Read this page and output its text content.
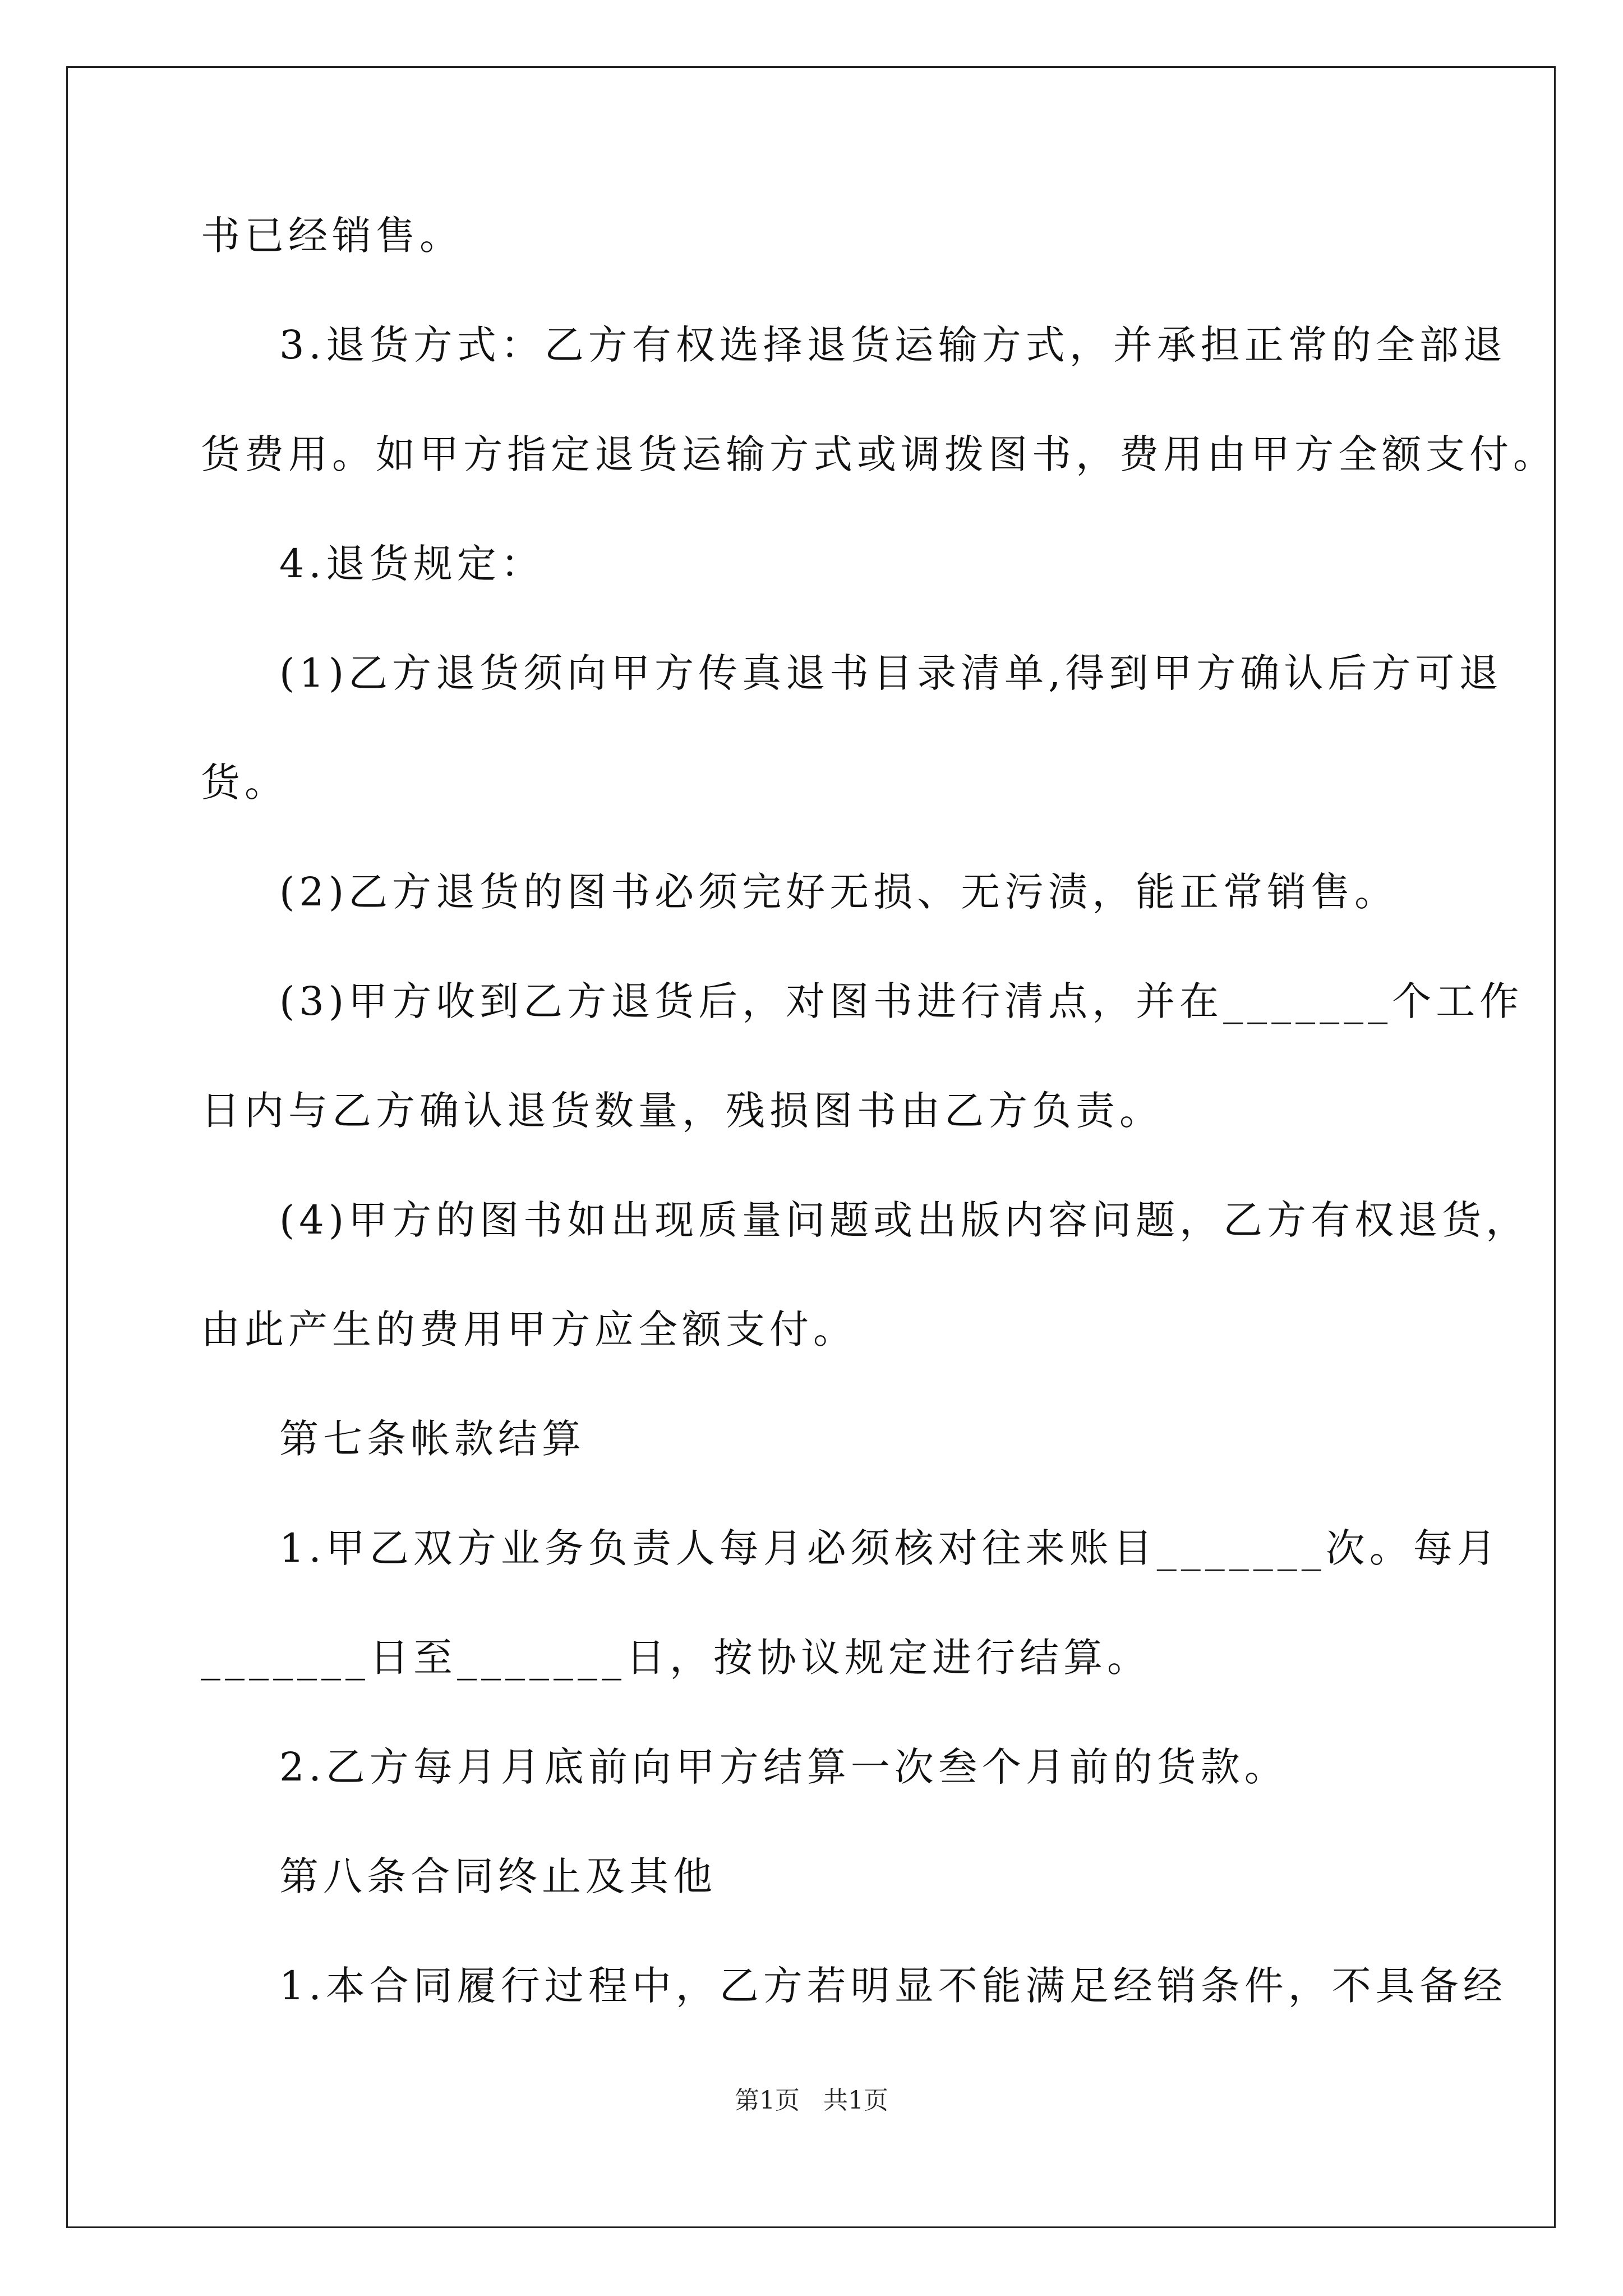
书已经销售。
3.退货方式：乙方有权选择退货运输方式，并承担正常的全部退
货费用。如甲方指定退货运输方式或调拨图书，费用由甲方全额支付。
4.退货规定：
(1)乙方退货须向甲方传真退书目录清单,得到甲方确认后方可退
货。
(2)乙方退货的图书必须完好无损、无污渍，能正常销售。
(3)甲方收到乙方退货后，对图书进行清点，并在_______个工作
日内与乙方确认退货数量，残损图书由乙方负责。
(4)甲方的图书如出现质量问题或出版内容问题，乙方有权退货，
由此产生的费用甲方应全额支付。
第七条帐款结算
1.甲乙双方业务负责人每月必须核对往来账目_______次。每月
_______日至_______日，按协议规定进行结算。
2.乙方每月月底前向甲方结算一次叁个月前的货款。
第八条合同终止及其他
1.本合同履行过程中，乙方若明显不能满足经销条件，不具备经
第1页   共1页
